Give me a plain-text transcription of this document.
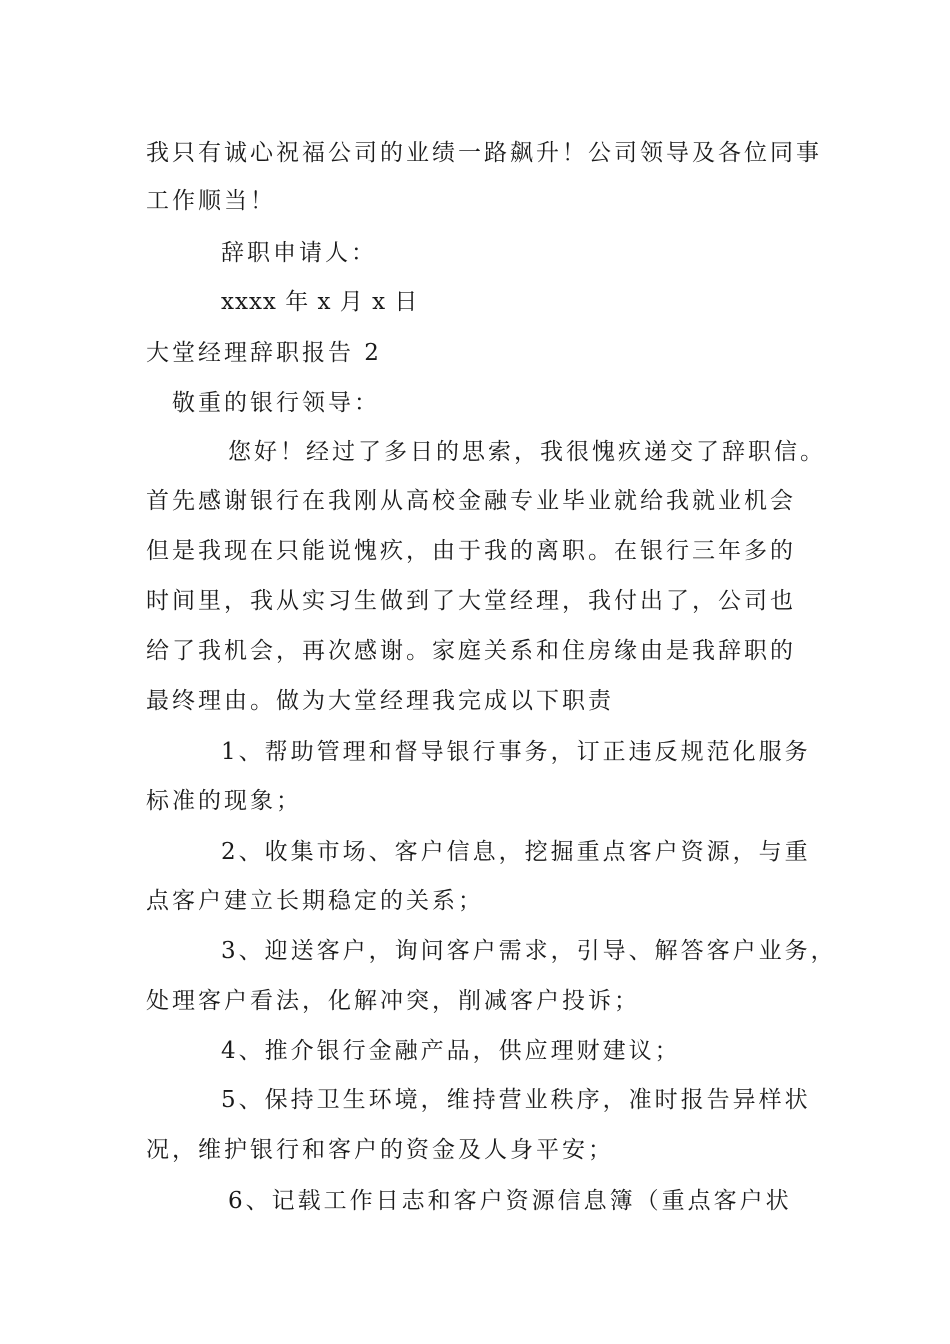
我只有诚心祝福公司的业绩一路飙升！公司领导及各位同事
工作顺当！
辞职申请人：
xxxx 年 x 月 x 日
大堂经理辞职报告 2
敬重的银行领导：
您好！经过了多日的思索，我很愧疚递交了辞职信。
首先感谢银行在我刚从高校金融专业毕业就给我就业机会
但是我现在只能说愧疚，由于我的离职。在银行三年多的
时间里，我从实习生做到了大堂经理，我付出了，公司也
给了我机会，再次感谢。家庭关系和住房缘由是我辞职的
最终理由。做为大堂经理我完成以下职责
1、帮助管理和督导银行事务，订正违反规范化服务
标准的现象；
2、收集市场、客户信息，挖掘重点客户资源，与重
点客户建立长期稳定的关系；
3、迎送客户，询问客户需求，引导、解答客户业务，
处理客户看法，化解冲突，削减客户投诉；
4、推介银行金融产品，供应理财建议；
5、保持卫生环境，维持营业秩序，准时报告异样状
况，维护银行和客户的资金及人身平安；
6、记载工作日志和客户资源信息簿（重点客户状
